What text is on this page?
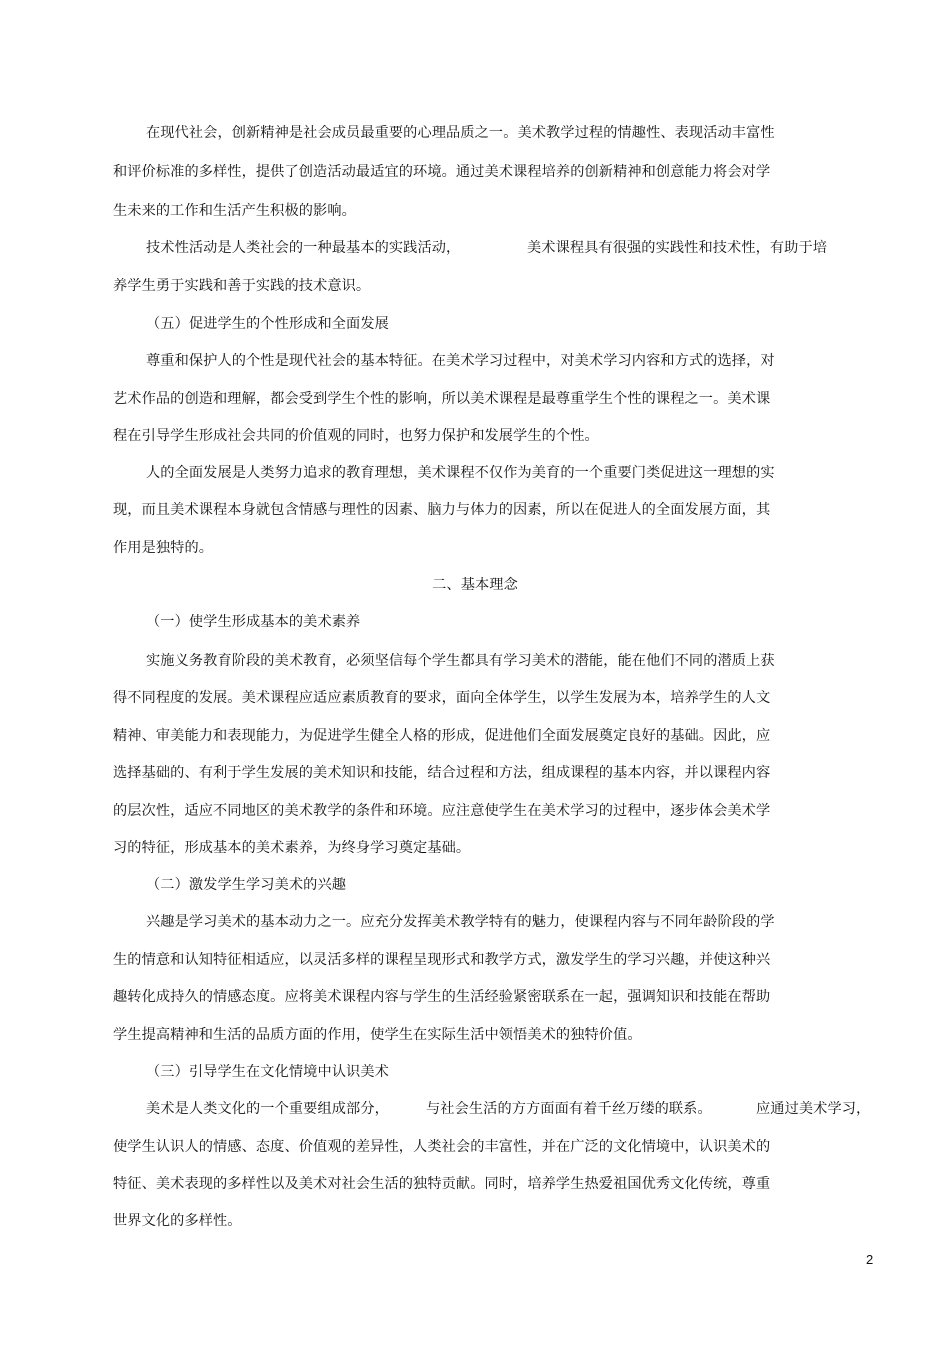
在现代社会，创新精神是社会成员最重要的心理品质之一。美术教学过程的情趣性、表现活动丰富性
和评价标准的多样性，提供了创造活动最适宜的环境。通过美术课程培养的创新精神和创意能力将会对学
生未来的工作和生活产生积极的影响。
技术性活动是人类社会的一种最基本的实践活动，	美术课程具有很强的实践性和技术性，有助于培
养学生勇于实践和善于实践的技术意识。
（五）促进学生的个性形成和全面发展
尊重和保护人的个性是现代社会的基本特征。在美术学习过程中，对美术学习内容和方式的选择，对
艺术作品的创造和理解，都会受到学生个性的影响，所以美术课程是最尊重学生个性的课程之一。美术课
程在引导学生形成社会共同的价值观的同时，也努力保护和发展学生的个性。
人的全面发展是人类努力追求的教育理想，美术课程不仅作为美育的一个重要门类促进这一理想的实
现，而且美术课程本身就包含情感与理性的因素、脑力与体力的因素，所以在促进人的全面发展方面，其
作用是独特的。
二、基本理念
（一）使学生形成基本的美术素养
实施义务教育阶段的美术教育，必须坚信每个学生都具有学习美术的潜能，能在他们不同的潜质上获
得不同程度的发展。美术课程应适应素质教育的要求，面向全体学生，以学生发展为本，培养学生的人文
精神、审美能力和表现能力，为促进学生健全人格的形成，促进他们全面发展奠定良好的基础。因此，应
选择基础的、有利于学生发展的美术知识和技能，结合过程和方法，组成课程的基本内容，并以课程内容
的层次性，适应不同地区的美术教学的条件和环境。应注意使学生在美术学习的过程中，逐步体会美术学
习的特征，形成基本的美术素养，为终身学习奠定基础。
（二）激发学生学习美术的兴趣
兴趣是学习美术的基本动力之一。应充分发挥美术教学特有的魅力，使课程内容与不同年龄阶段的学
生的情意和认知特征相适应，以灵活多样的课程呈现形式和教学方式，激发学生的学习兴趣，并使这种兴
趣转化成持久的情感态度。应将美术课程内容与学生的生活经验紧密联系在一起，强调知识和技能在帮助
学生提高精神和生活的品质方面的作用，使学生在实际生活中领悟美术的独特价值。
（三）引导学生在文化情境中认识美术
美术是人类文化的一个重要组成部分，	与社会生活的方方面面有着千丝万缕的联系。	应通过美术学习，
使学生认识人的情感、态度、价值观的差异性，人类社会的丰富性，并在广泛的文化情境中，认识美术的
特征、美术表现的多样性以及美术对社会生活的独特贡献。同时，培养学生热爱祖国优秀文化传统，尊重
世界文化的多样性。
2
